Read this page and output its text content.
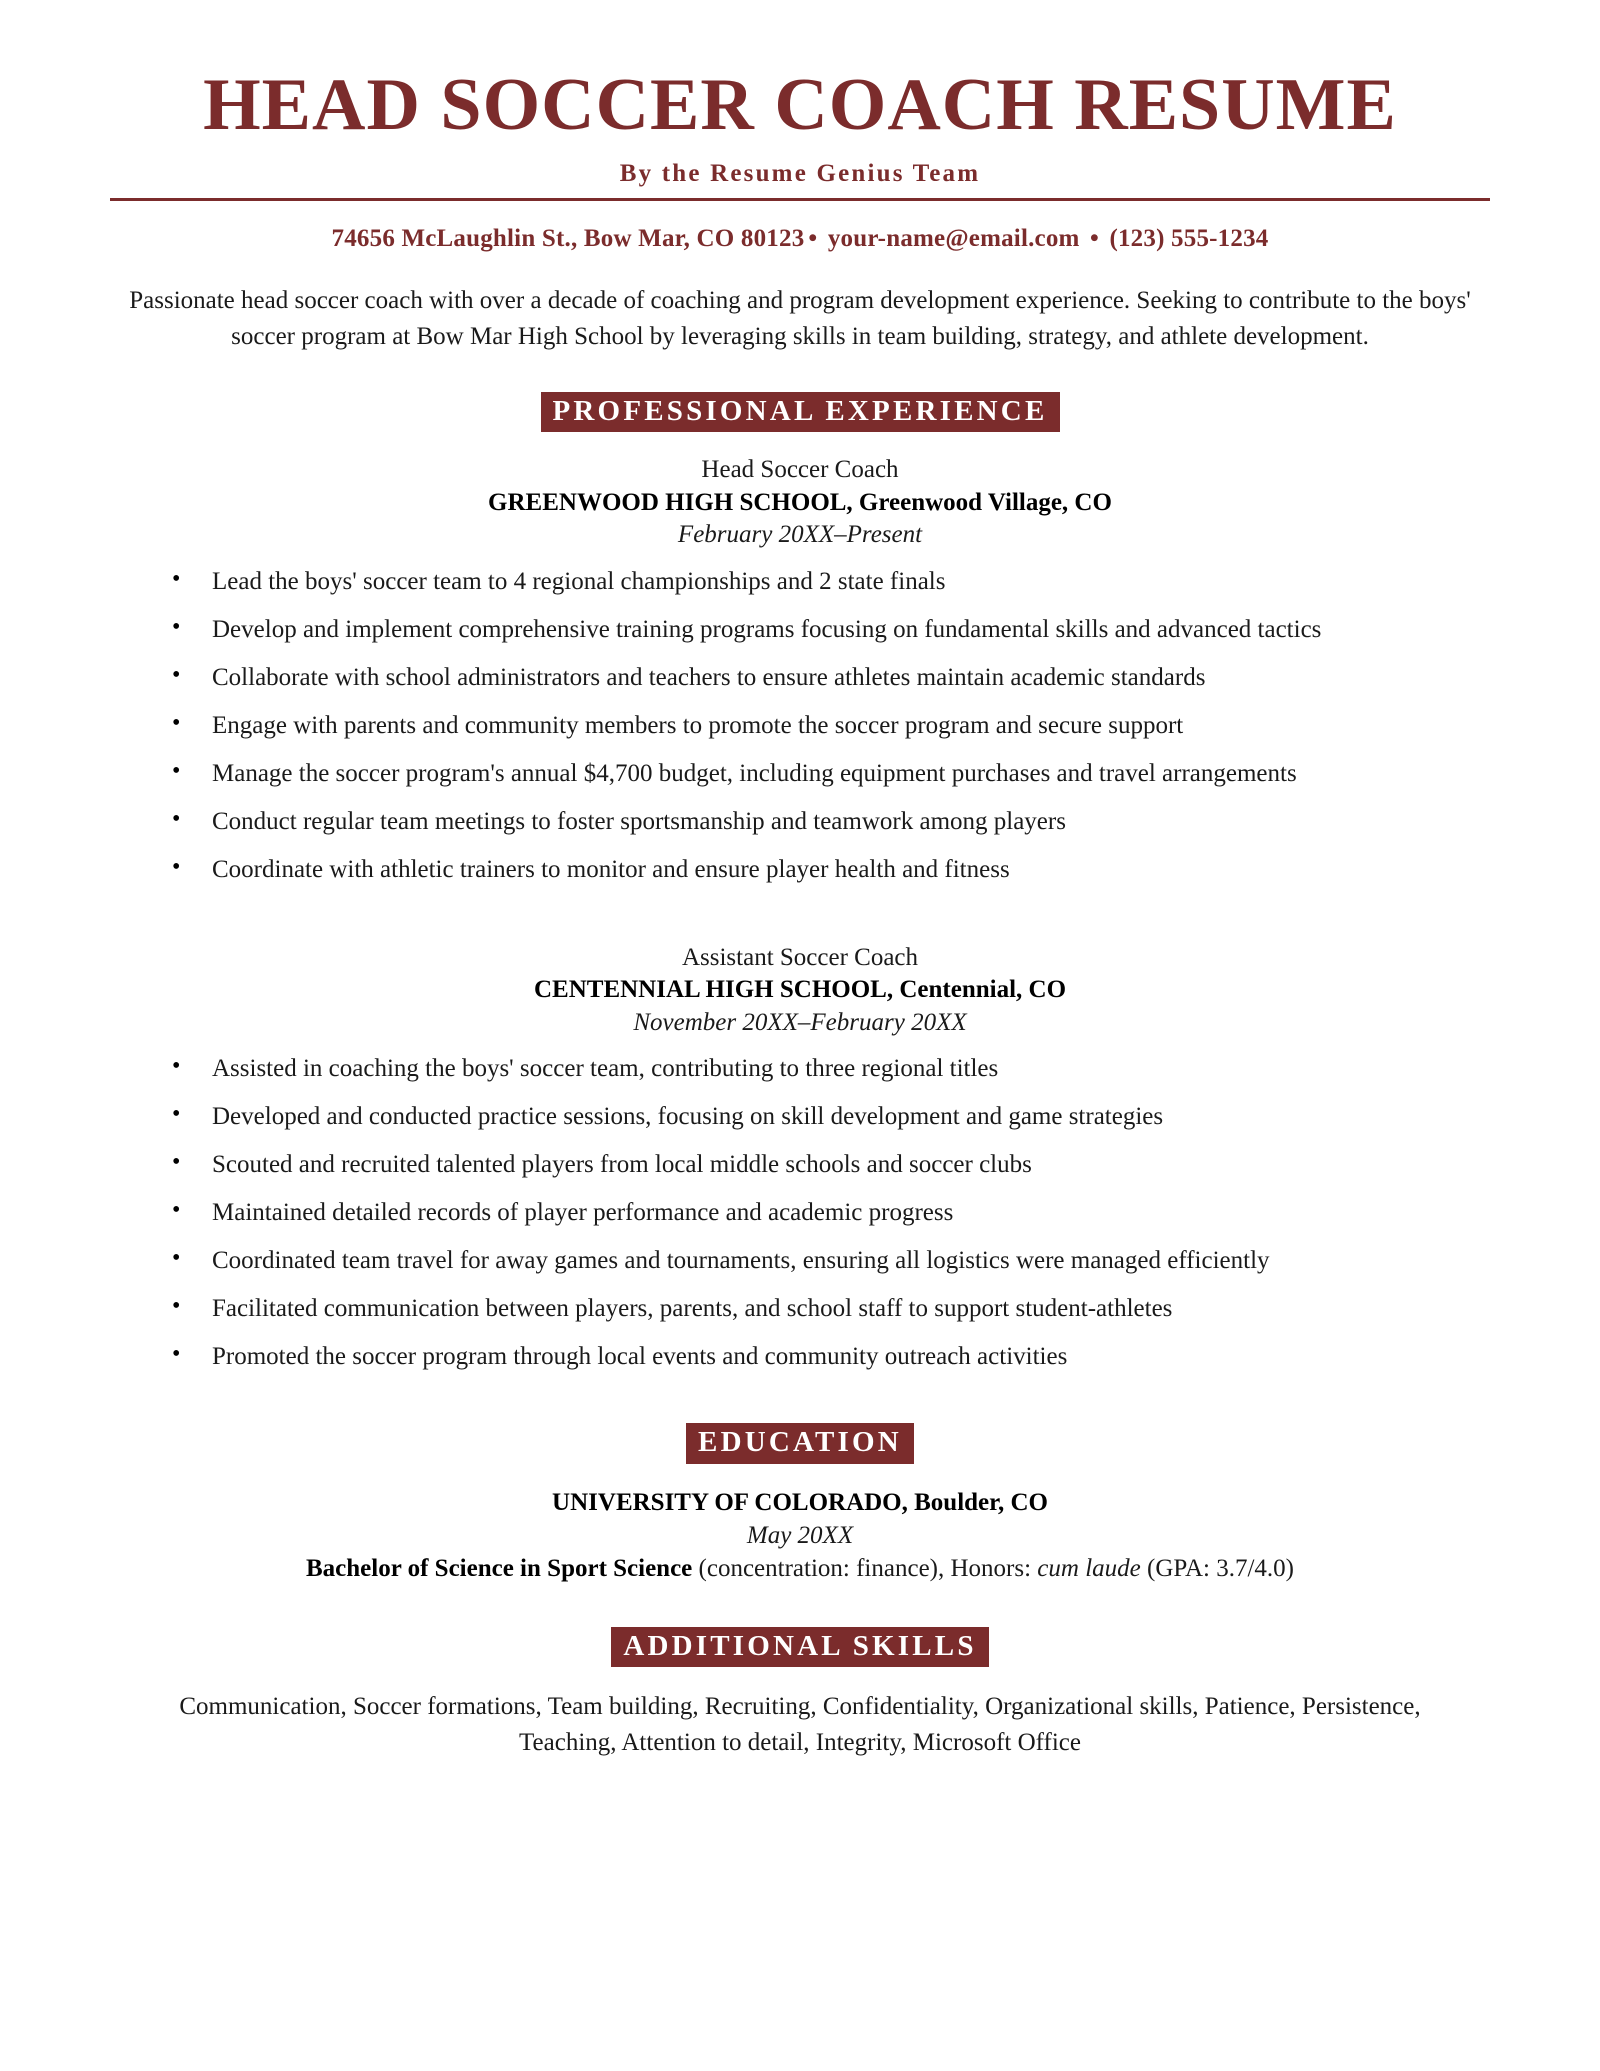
HEAD SOCCER COACH RESUME
By the Resume Genius Team
74656 McLaughlin St., Bow Mar, CO 80123 • your-name@email.com • (123) 555-1234
Passionate head soccer coach with over a decade of coaching and program development experience. Seeking to contribute to the boys' soccer program at Bow Mar High School by leveraging skills in team building, strategy, and athlete development.
PROFESSIONAL EXPERIENCE
Head Soccer Coach
GREENWOOD HIGH SCHOOL, Greenwood Village, CO
February 20XX–Present
• Lead the boys' soccer team to 4 regional championships and 2 state finals
• Develop and implement comprehensive training programs focusing on fundamental skills and advanced tactics
• Collaborate with school administrators and teachers to ensure athletes maintain academic standards
• Engage with parents and community members to promote the soccer program and secure support
• Manage the soccer program's annual $4,700 budget, including equipment purchases and travel arrangements
• Conduct regular team meetings to foster sportsmanship and teamwork among players
• Coordinate with athletic trainers to monitor and ensure player health and fitness
Assistant Soccer Coach
CENTENNIAL HIGH SCHOOL, Centennial, CO
November 20XX–February 20XX
• Assisted in coaching the boys' soccer team, contributing to three regional titles
• Developed and conducted practice sessions, focusing on skill development and game strategies
• Scouted and recruited talented players from local middle schools and soccer clubs
• Maintained detailed records of player performance and academic progress
• Coordinated team travel for away games and tournaments, ensuring all logistics were managed efficiently
• Facilitated communication between players, parents, and school staff to support student-athletes
• Promoted the soccer program through local events and community outreach activities
EDUCATION
UNIVERSITY OF COLORADO, Boulder, CO
May 20XX
Bachelor of Science in Sport Science (concentration: finance), Honors: cum laude (GPA: 3.7/4.0)
ADDITIONAL SKILLS
Communication, Soccer formations, Team building, Recruiting, Confidentiality, Organizational skills, Patience, Persistence, Teaching, Attention to detail, Integrity, Microsoft Office
